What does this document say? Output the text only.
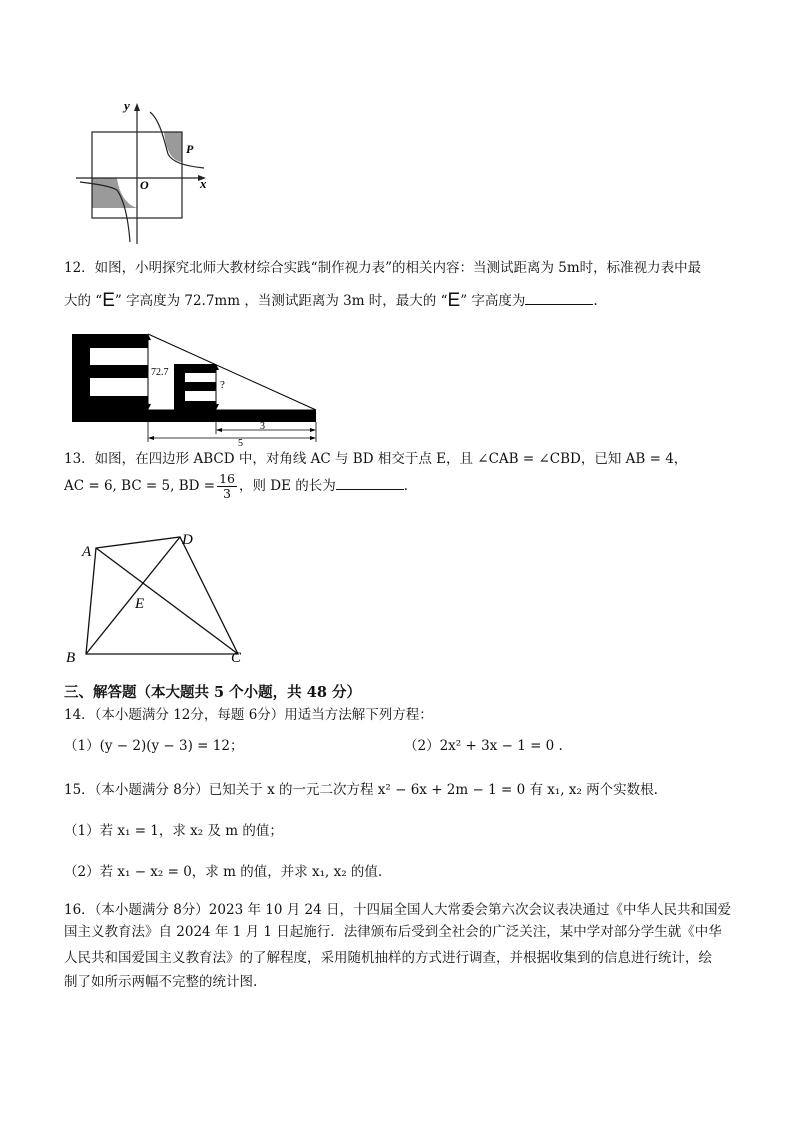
y
x
O
P
12．如图，小明探究北师大教材综合实践“制作视力表”的相关内容：当测试距离为 5m时，标准视力表中最
大的 “E” 字高度为 72.7mm ，当测试距离为 3m 时，最大的 “E” 字高度为	.
72.7
?
3
5
13．如图，在四边形 ABCD 中，对角线 AC 与 BD 相交于点 E，且 ∠CAB = ∠CBD，已知 AB = 4，
AC = 6, BC = 5, BD = $\frac{16}{3}$ ，则 DE 的长为	.
A
D
E
B	C
三、解答题（本大题共 5 个小题，共 48 分）
14．（本小题满分 12分，每题 6分）用适当方法解下列方程：
（1）(y − 2)(y − 3) = 12；	（2）2x² + 3x − 1 = 0 .
15．（本小题满分 8分）已知关于 x 的一元二次方程 x² − 6x + 2m − 1 = 0 有 x₁, x₂ 两个实数根.
（1）若 x₁ = 1，求 x₂ 及 m 的值；
（2）若 x₁ − x₂ = 0，求 m 的值，并求 x₁, x₂ 的值.
16．（本小题满分 8分）2023 年 10 月 24 日，十四届全国人大常委会第六次会议表决通过《中华人民共和国爱
国主义教育法》自 2024 年 1 月 1 日起施行．法律颁布后受到全社会的广泛关注，某中学对部分学生就《中华
人民共和国爱国主义教育法》的了解程度，采用随机抽样的方式进行调查，并根据收集到的信息进行统计，绘
制了如所示两幅不完整的统计图.
